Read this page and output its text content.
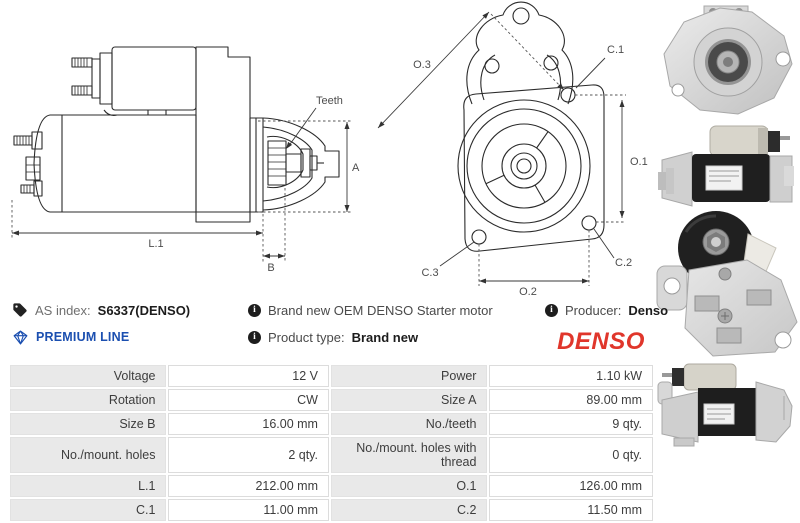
L.1
B
A
Teeth
O.3
O.1
O.2
C.1
C.2
C.3
AS index: S6337(DENSO)
PREMIUM LINE
i Brand new OEM DENSO Starter motor
i Product type: Brand new
i Producer: Denso
DENSO
Voltage	12 V	Power	1.10 kW
Rotation	CW	Size A	89.00 mm
Size B	16.00 mm	No./teeth	9 qty.
No./mount. holes	2 qty.	No./mount. holes with thread	0 qty.
L.1	212.00 mm	O.1	126.00 mm
C.1	11.00 mm	C.2	11.50 mm
